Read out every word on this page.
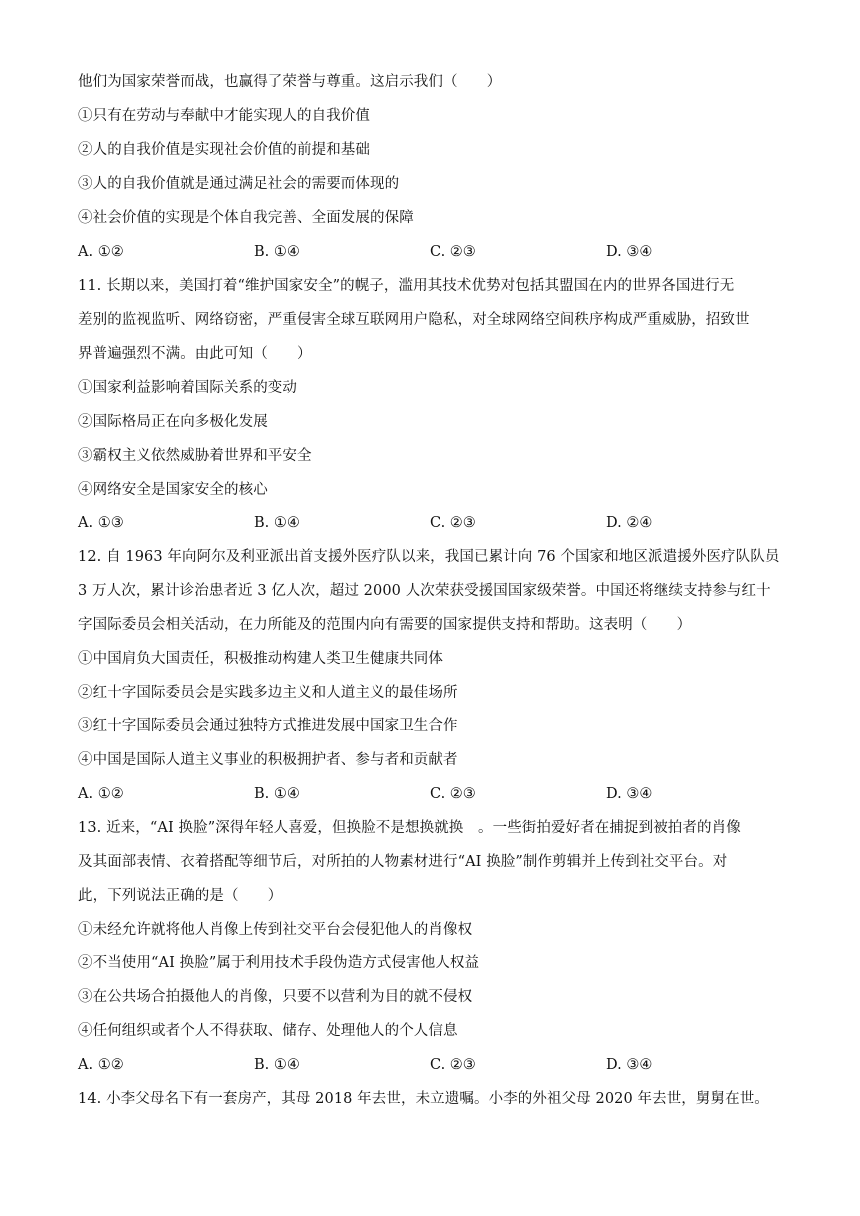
他们为国家荣誉而战，也赢得了荣誉与尊重。这启示我们（　　）
①只有在劳动与奉献中才能实现人的自我价值
②人的自我价值是实现社会价值的前提和基础
③人的自我价值就是通过满足社会的需要而体现的
④社会价值的实现是个体自我完善、全面发展的保障
A. ①②	B. ①④	C. ②③	D. ③④
11. 长期以来，美国打着“维护国家安全”的幌子，滥用其技术优势对包括其盟国在内的世界各国进行无
差别的监视监听、网络窃密，严重侵害全球互联网用户隐私，对全球网络空间秩序构成严重威胁，招致世
界普遍强烈不满。由此可知（　　）
①国家利益影响着国际关系的变动
②国际格局正在向多极化发展
③霸权主义依然威胁着世界和平安全
④网络安全是国家安全的核心
A. ①③	B. ①④	C. ②③	D. ②④
12. 自 1963 年向阿尔及利亚派出首支援外医疗队以来，我国已累计向 76 个国家和地区派遣援外医疗队队员
3 万人次，累计诊治患者近 3 亿人次，超过 2000 人次荣获受援国国家级荣誉。中国还将继续支持参与红十
字国际委员会相关活动，在力所能及的范围内向有需要的国家提供支持和帮助。这表明（　　）
①中国肩负大国责任，积极推动构建人类卫生健康共同体
②红十字国际委员会是实践多边主义和人道主义的最佳场所
③红十字国际委员会通过独特方式推进发展中国家卫生合作
④中国是国际人道主义事业的积极拥护者、参与者和贡献者
A. ①②	B. ①④	C. ②③	D. ③④
13. 近来，“AI 换脸”深得年轻人喜爱，但换脸不是想换就换　。一些街拍爱好者在捕捉到被拍者的肖像
及其面部表情、衣着搭配等细节后，对所拍的人物素材进行“AI 换脸”制作剪辑并上传到社交平台。对
此，下列说法正确的是（　　）
①未经允许就将他人肖像上传到社交平台会侵犯他人的肖像权
②不当使用“AI 换脸”属于利用技术手段伪造方式侵害他人权益
③在公共场合拍摄他人的肖像，只要不以营利为目的就不侵权
④任何组织或者个人不得获取、储存、处理他人的个人信息
A. ①②	B. ①④	C. ②③	D. ③④
14. 小李父母名下有一套房产，其母 2018 年去世，未立遗嘱。小李的外祖父母 2020 年去世，舅舅在世。
